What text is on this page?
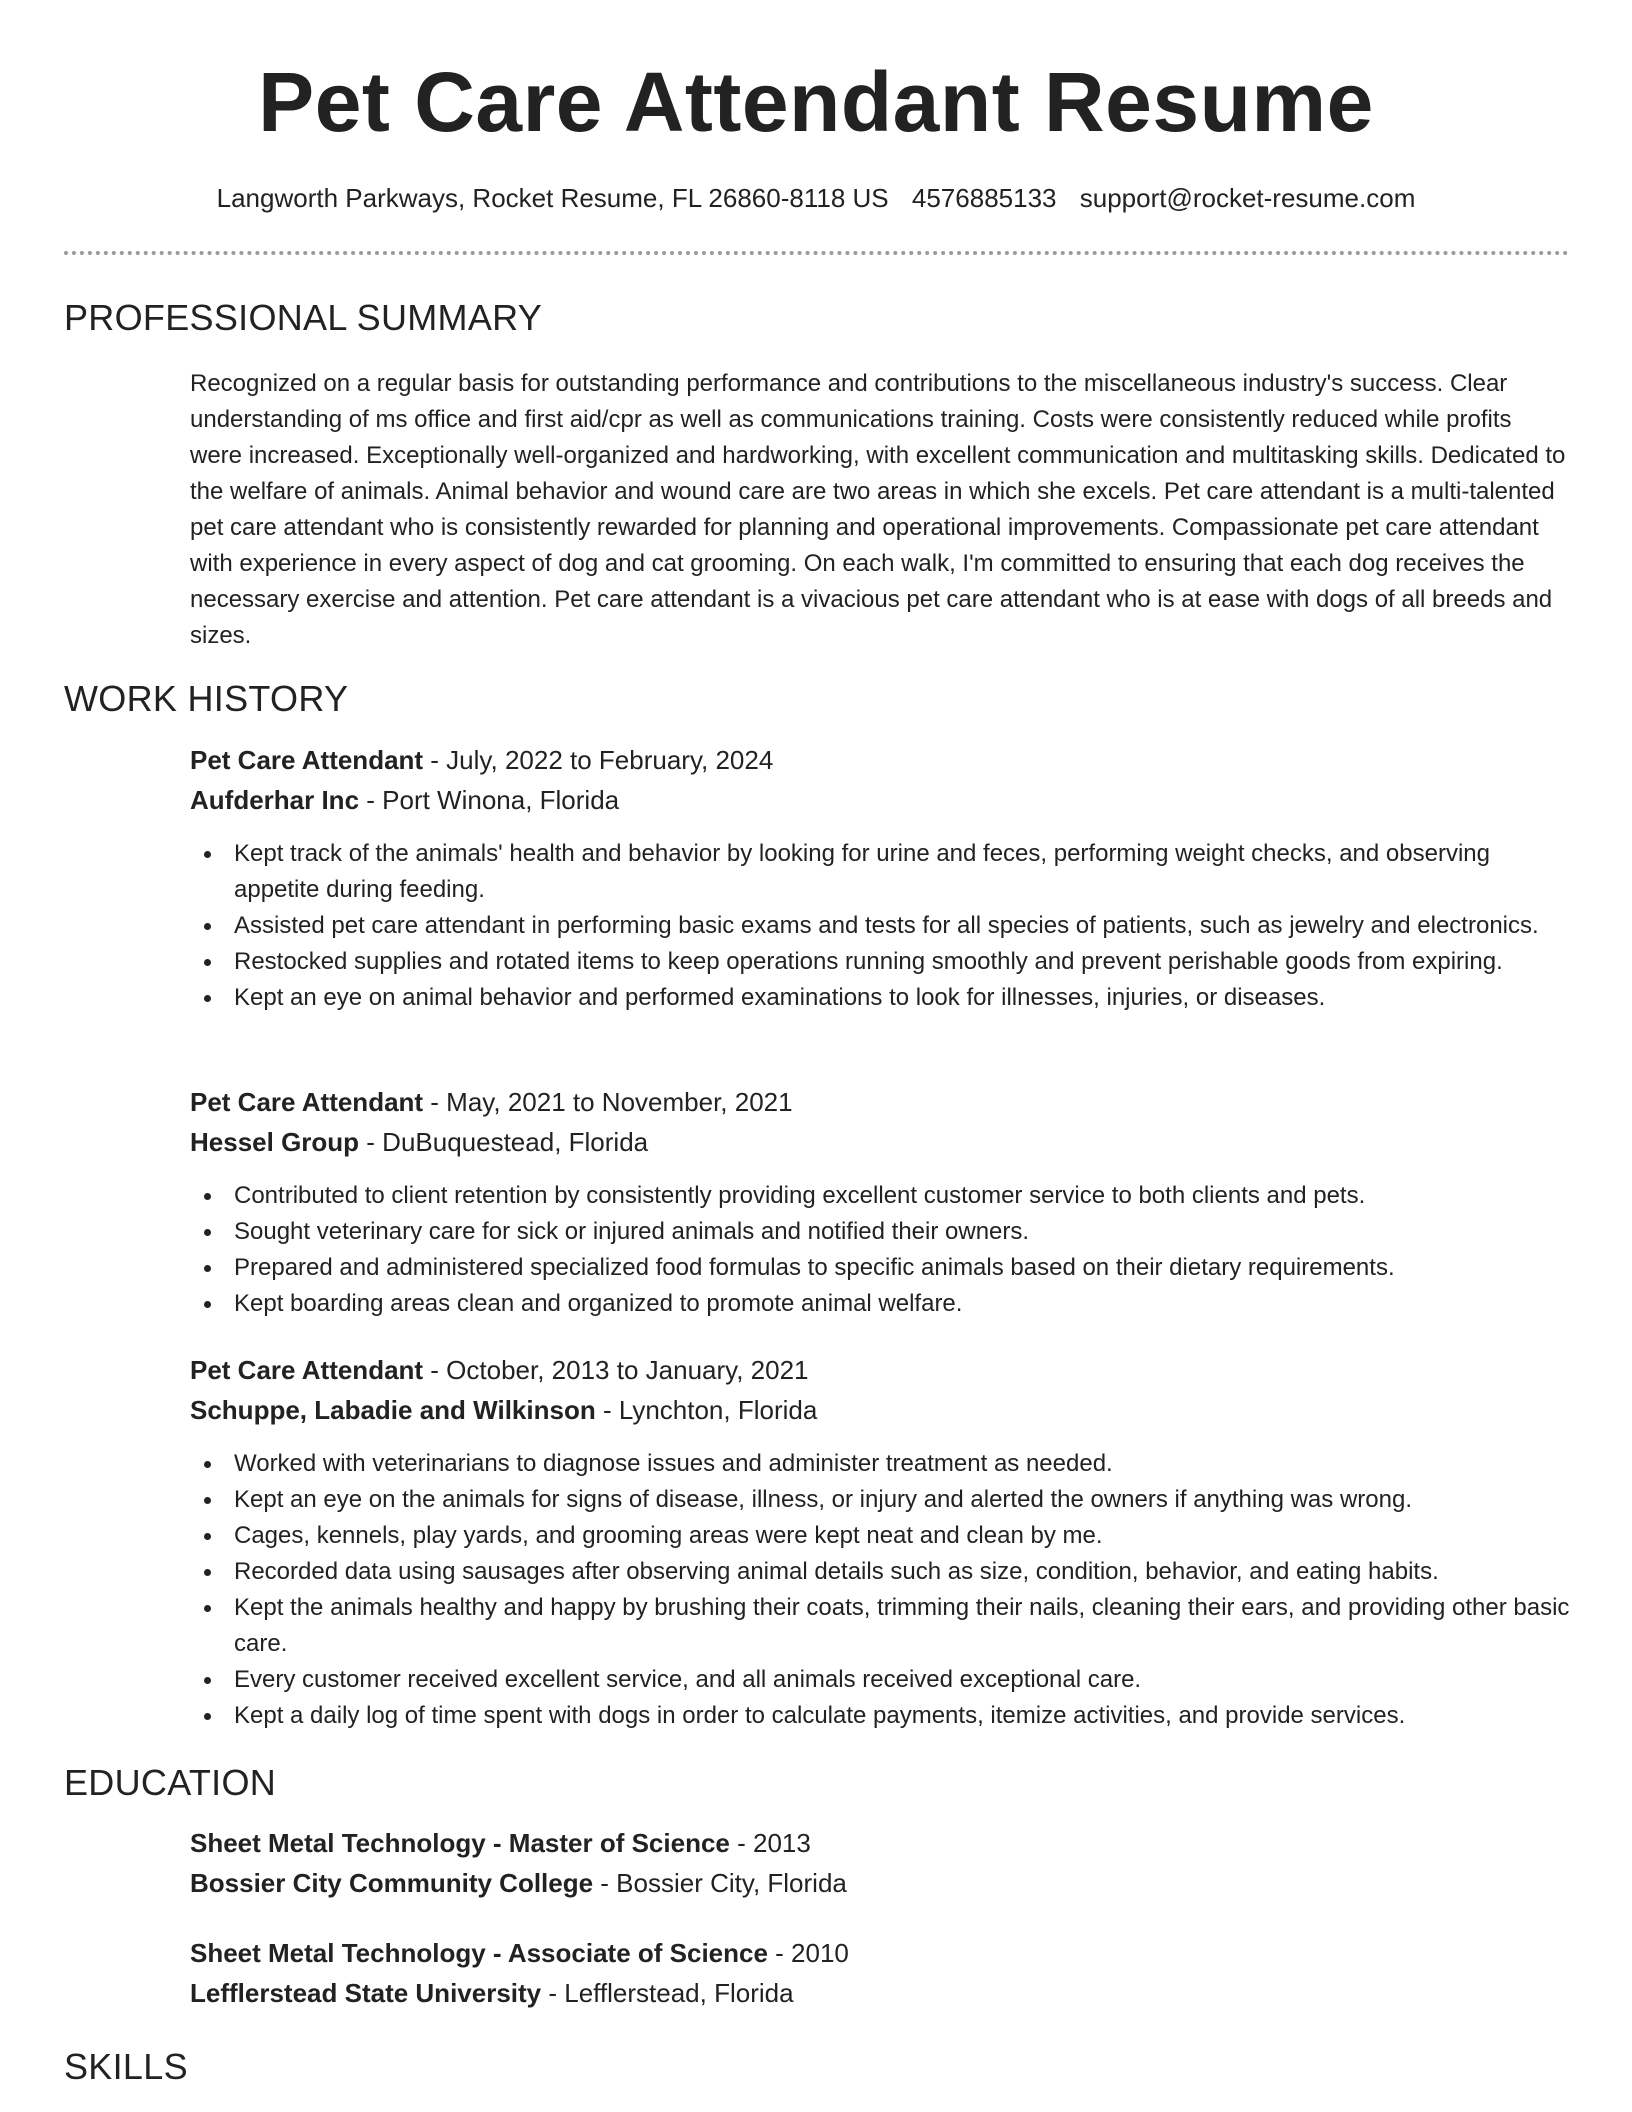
Pet Care Attendant Resume
Langworth Parkways, Rocket Resume, FL 26860-8118 US 4576885133 support@rocket-resume.com
PROFESSIONAL SUMMARY

Recognized on a regular basis for outstanding performance and contributions to the miscellaneous industry's success. Clear understanding of ms office and first aid/cpr as well as communications training. Costs were consistently reduced while profits were increased. Exceptionally well-organized and hardworking, with excellent communication and multitasking skills. Dedicated to the welfare of animals. Animal behavior and wound care are two areas in which she excels. Pet care attendant is a multi-talented pet care attendant who is consistently rewarded for planning and operational improvements. Compassionate pet care attendant with experience in every aspect of dog and cat grooming. On each walk, I'm committed to ensuring that each dog receives the necessary exercise and attention. Pet care attendant is a vivacious pet care attendant who is at ease with dogs of all breeds and sizes.

WORK HISTORY
Pet Care Attendant - July, 2022 to February, 2024
Aufderhar Inc - Port Winona, Florida
Kept track of the animals' health and behavior by looking for urine and feces, performing weight checks, and observing appetite during feeding.
Assisted pet care attendant in performing basic exams and tests for all species of patients, such as jewelry and electronics.
Restocked supplies and rotated items to keep operations running smoothly and prevent perishable goods from expiring.
Kept an eye on animal behavior and performed examinations to look for illnesses, injuries, or diseases.
Pet Care Attendant - May, 2021 to November, 2021
Hessel Group - DuBuquestead, Florida
Contributed to client retention by consistently providing excellent customer service to both clients and pets.
Sought veterinary care for sick or injured animals and notified their owners.
Prepared and administered specialized food formulas to specific animals based on their dietary requirements.
Kept boarding areas clean and organized to promote animal welfare.
Pet Care Attendant - October, 2013 to January, 2021
Schuppe, Labadie and Wilkinson - Lynchton, Florida
Worked with veterinarians to diagnose issues and administer treatment as needed.
Kept an eye on the animals for signs of disease, illness, or injury and alerted the owners if anything was wrong.
Cages, kennels, play yards, and grooming areas were kept neat and clean by me.
Recorded data using sausages after observing animal details such as size, condition, behavior, and eating habits.
Kept the animals healthy and happy by brushing their coats, trimming their nails, cleaning their ears, and providing other basic care.
Every customer received excellent service, and all animals received exceptional care.
Kept a daily log of time spent with dogs in order to calculate payments, itemize activities, and provide services.
EDUCATION
Sheet Metal Technology - Master of Science - 2013
Bossier City Community College - Bossier City, Florida
Sheet Metal Technology - Associate of Science - 2010
Lefflerstead State University - Lefflerstead, Florida
SKILLS
